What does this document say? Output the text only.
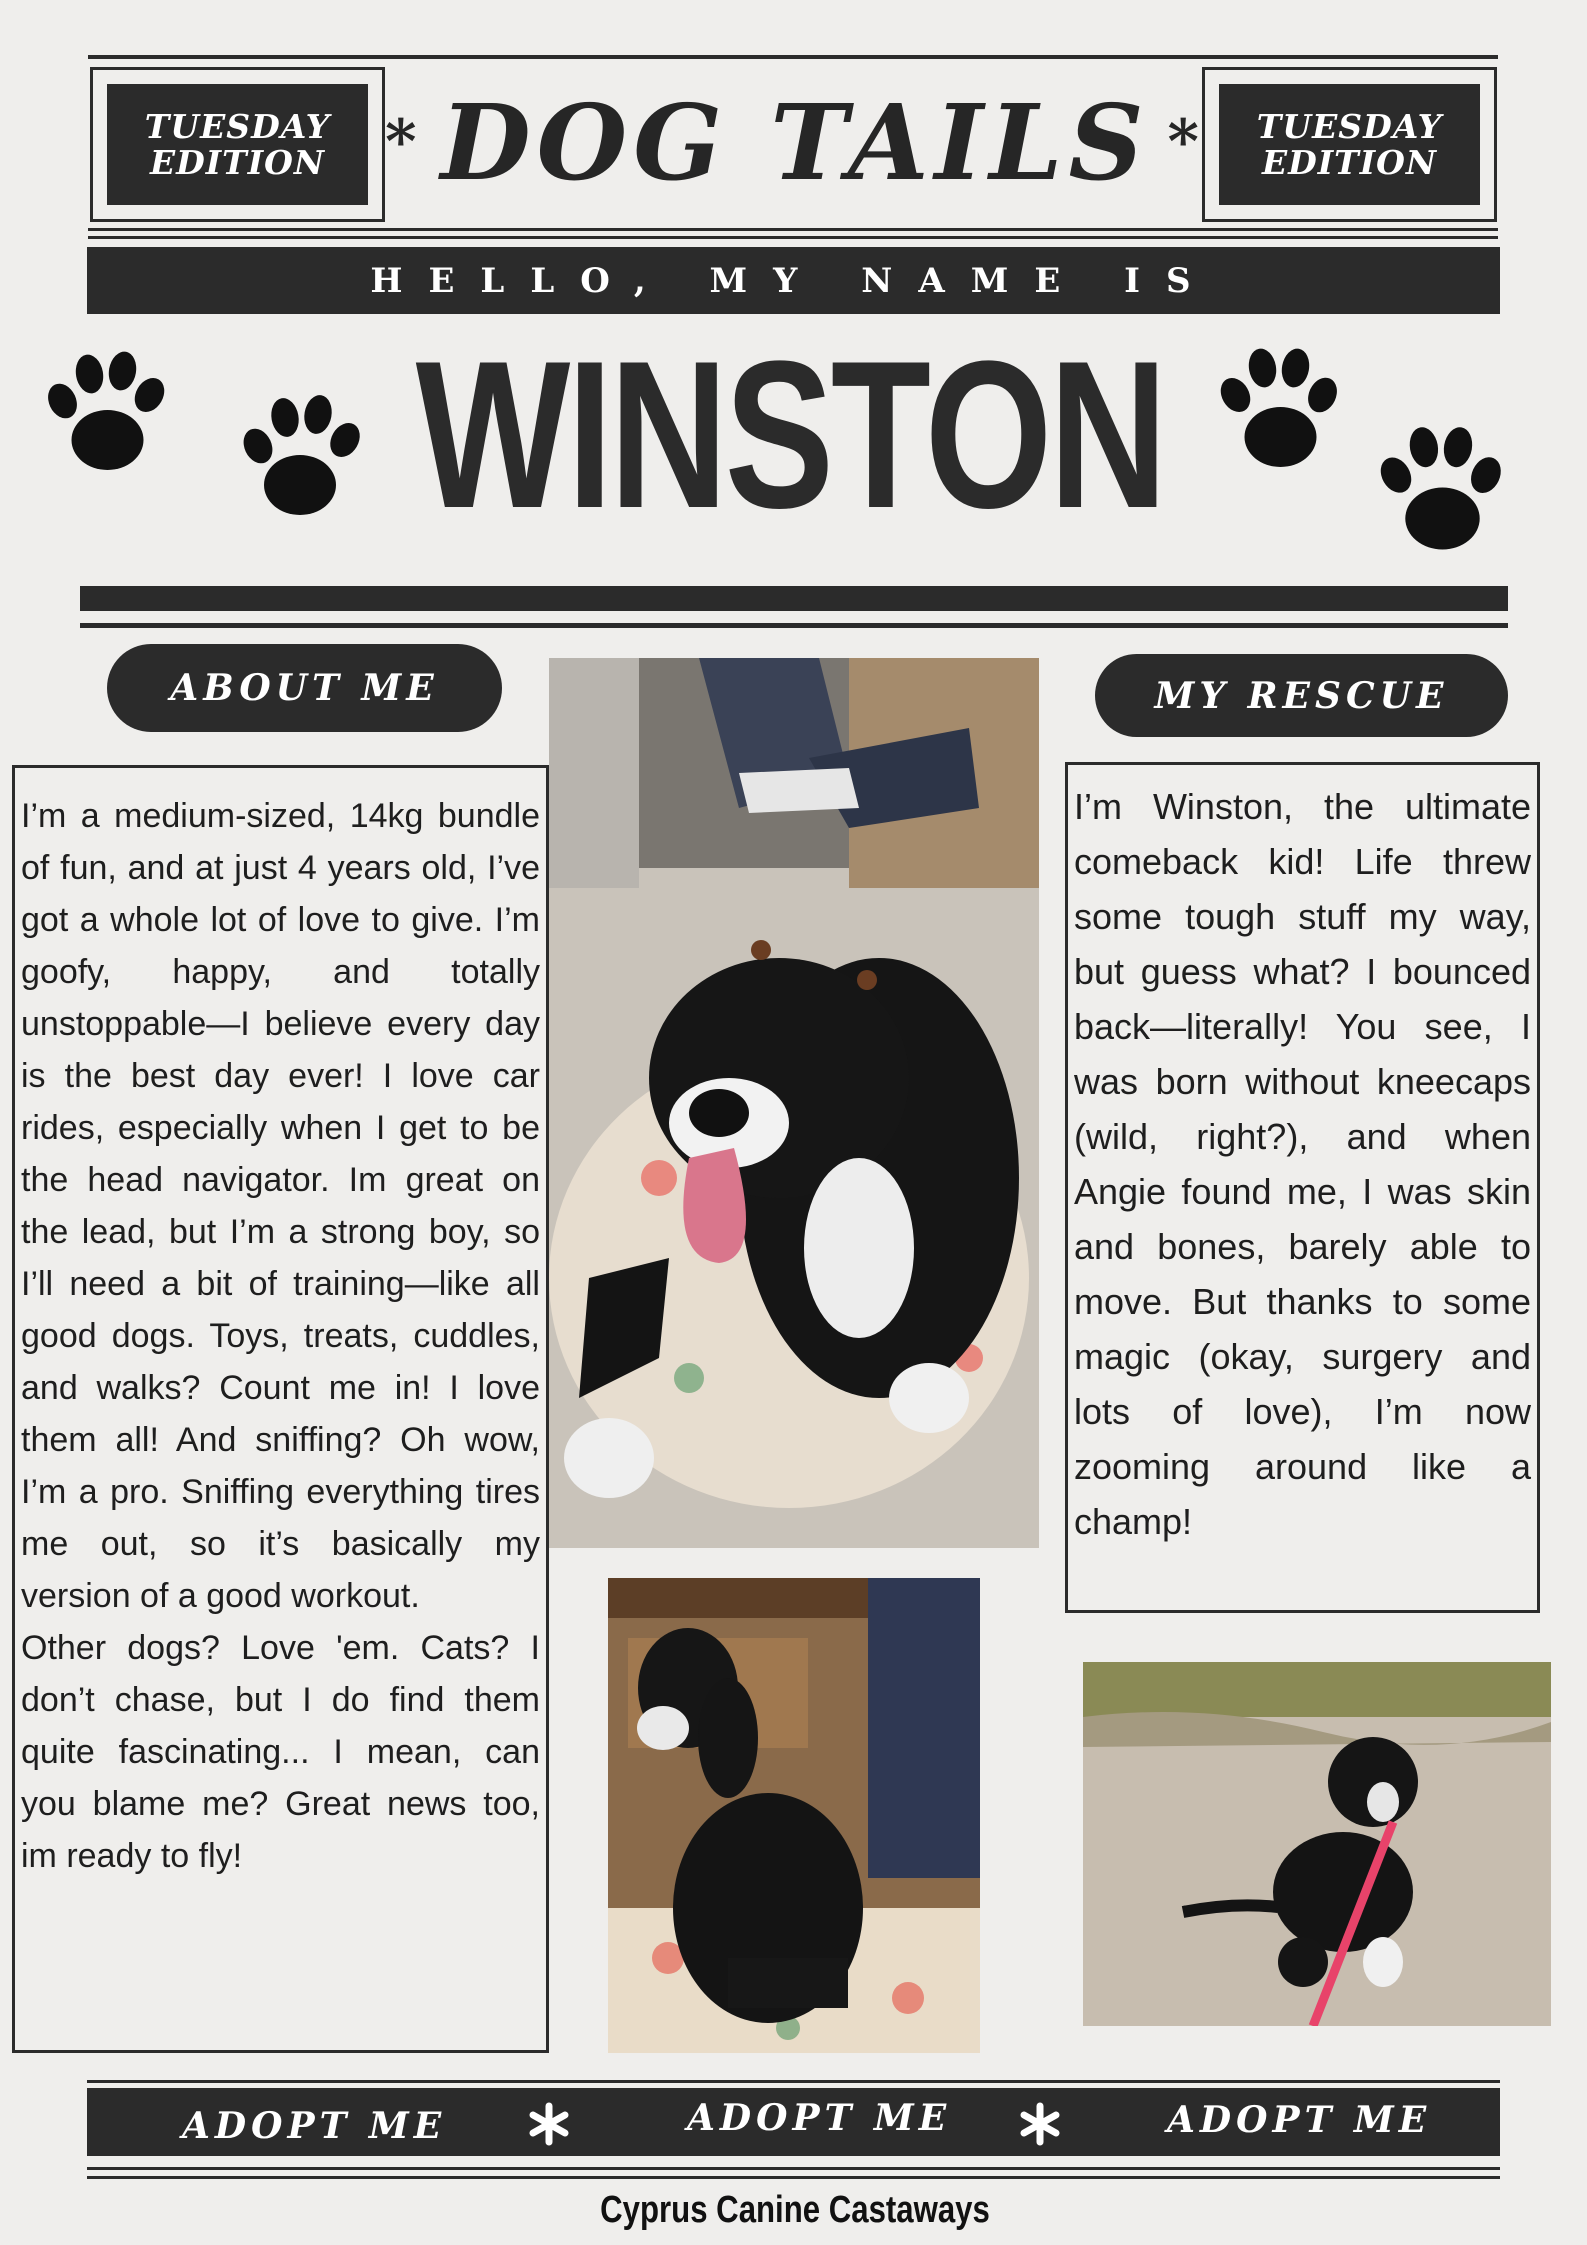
TUESDAY
EDITION
TUESDAY
EDITION
* DOG TAILS *
HELLO, MY NAME IS
WINSTON
ABOUT ME

I’m a medium-sized, 14kg bundle of fun, and at just 4 years old, I’ve got a whole lot of love to give. I’m goofy, happy, and totally unstoppable—I believe every day is the best day ever! I love car rides, especially when I get to be the head navigator. Im great on the lead, but I’m a strong boy, so I’ll need a bit of training—like all good dogs. Toys, treats, cuddles, and walks? Count me in! I love them all! And sniffing? Oh wow, I’m a pro. Sniffing everything tires me out, so it’s basically my version of a good workout.

Other dogs? Love 'em. Cats? I don’t chase, but I do find them quite fascinating... I mean, can you blame me? Great news too, im ready to fly!

MY RESCUE

I’m Winston, the ultimate comeback kid! Life threw some tough stuff my way, but guess what? I bounced back—literally! You see, I was born without kneecaps (wild, right?), and when Angie found me, I was skin and bones, barely able to move. But thanks to some magic (okay, surgery and lots of love), I’m now zooming around like a champ!

ADOPT ME	ADOPT ME	ADOPT ME
Cyprus Canine Castaways
